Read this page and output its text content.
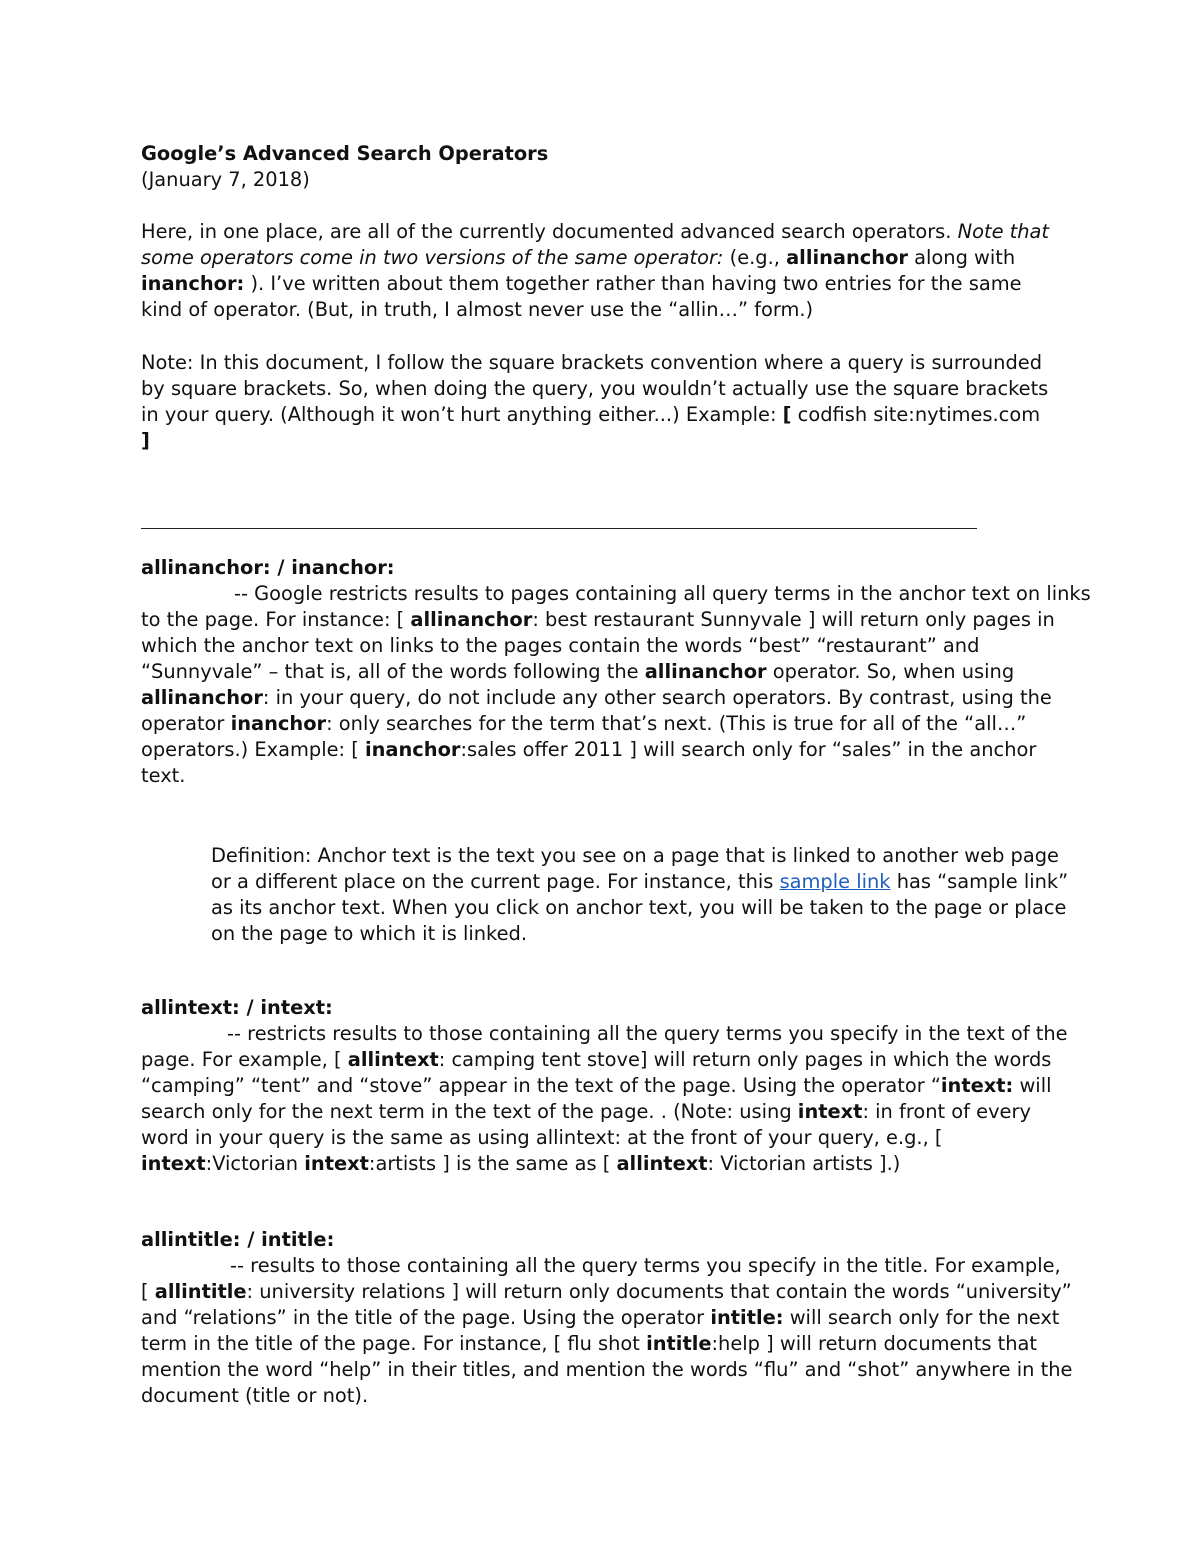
Google’s Advanced Search Operators
(January 7, 2018)
Here, in one place, are all of the currently documented advanced search operators. Note that
some operators come in two versions of the same operator: (e.g., allinanchor along with
inanchor: ). I’ve written about them together rather than having two entries for the same
kind of operator. (But, in truth, I almost never use the “allin…” form.)
Note: In this document, I follow the square brackets convention where a query is surrounded
by square brackets. So, when doing the query, you wouldn’t actually use the square brackets
in your query. (Although it won’t hurt anything either...) Example: [ codfish site:nytimes.com
]
allinanchor: / inanchor:
-- Google restricts results to pages containing all query terms in the anchor text on links
to the page. For instance: [ allinanchor: best restaurant Sunnyvale ] will return only pages in
which the anchor text on links to the pages contain the words “best” “restaurant” and
“Sunnyvale” – that is, all of the words following the allinanchor operator. So, when using
allinanchor: in your query, do not include any other search operators. By contrast, using the
operator inanchor: only searches for the term that’s next. (This is true for all of the “all…”
operators.) Example: [ inanchor:sales offer 2011 ] will search only for “sales” in the anchor
text.
Definition: Anchor text is the text you see on a page that is linked to another web page
or a different place on the current page. For instance, this sample link has “sample link”
as its anchor text. When you click on anchor text, you will be taken to the page or place
on the page to which it is linked.
allintext: / intext:
-- restricts results to those containing all the query terms you specify in the text of the
page. For example, [ allintext: camping tent stove] will return only pages in which the words
“camping” “tent” and “stove” appear in the text of the page. Using the operator “intext: will
search only for the next term in the text of the page. . (Note: using intext: in front of every
word in your query is the same as using allintext: at the front of your query, e.g., [
intext:Victorian intext:artists ] is the same as [ allintext: Victorian artists ].)
allintitle: / intitle:
-- results to those containing all the query terms you specify in the title. For example,
[ allintitle: university relations ] will return only documents that contain the words “university”
and “relations” in the title of the page. Using the operator intitle: will search only for the next
term in the title of the page. For instance, [ flu shot intitle:help ] will return documents that
mention the word “help” in their titles, and mention the words “flu” and “shot” anywhere in the
document (title or not).
